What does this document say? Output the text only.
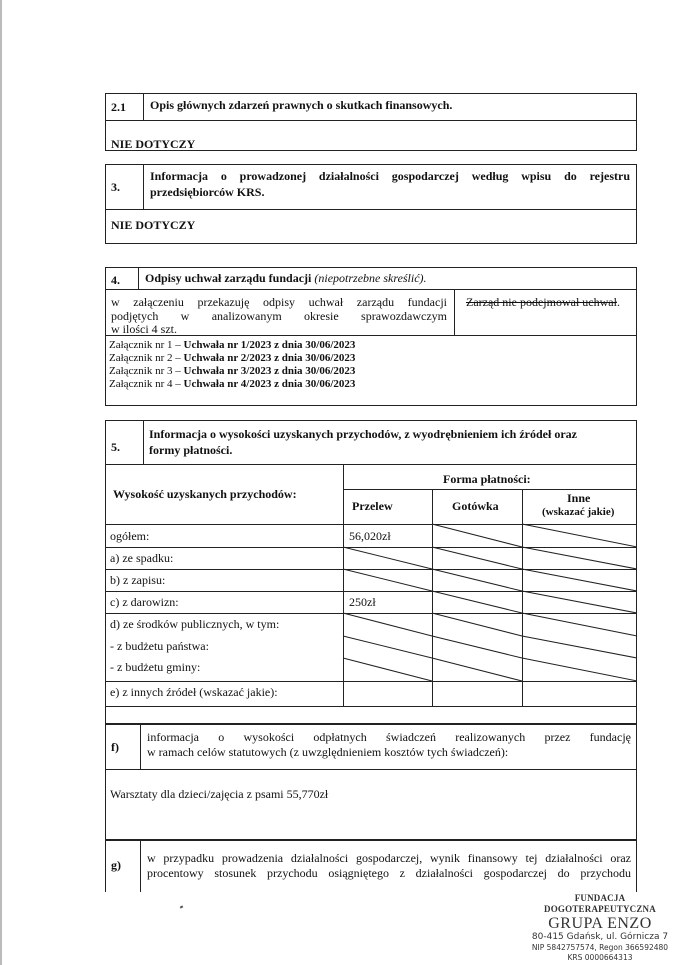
2.1 Opis głównych zdarzeń prawnych o skutkach finansowych.
NIE DOTYCZY
3.
Informacja o prowadzonej działalności gospodarczej według wpisu do rejestru
przedsiębiorców KRS.
NIE DOTYCZY
4. Odpisy uchwał zarządu fundacji (niepotrzebne skreślić).
w załączeniu przekazuję odpisy uchwał zarządu fundacji
podjętych w analizowanym okresie sprawozdawczym
w ilości 4 szt.
Zarząd nie podejmował uchwał.
Załącznik nr 1 – Uchwała nr 1/2023 z dnia 30/06/2023
Załącznik nr 2 – Uchwała nr 2/2023 z dnia 30/06/2023
Załącznik nr 3 – Uchwała nr 3/2023 z dnia 30/06/2023
Załącznik nr 4 – Uchwała nr 4/2023 z dnia 30/06/2023
5.
Informacja o wysokości uzyskanych przychodów, z wyodrębnieniem ich źródeł oraz
formy płatności.
Wysokość uzyskanych przychodów:
Forma płatności:
Przelew	Gotówka
Inne
(wskazać jakie)
ogółem:	56,020zł
a) ze spadku:
b) z zapisu:
c) z darowizn:	250zł
d) ze środków publicznych, w tym:
- z budżetu państwa:
- z budżetu gminy:
e) z innych źródeł (wskazać jakie):
f)
informacja o wysokości odpłatnych świadczeń realizowanych przez fundację
w ramach celów statutowych (z uwzględnieniem kosztów tych świadczeń):
Warsztaty dla dzieci/zajęcia z psami 55,770zł
g) w przypadku prowadzenia działalności gospodarczej, wynik finansowy tej działalności oraz
procentowy stosunek przychodu osiągniętego z działalności gospodarczej do przychodu
FUNDACJA DOGOTERAPEUTYCZNA
GRUPA ENZO
80-415 Gdańsk, ul. Górnicza 7
NIP 5842757574, Regon 366592480
KRS 0000664313
